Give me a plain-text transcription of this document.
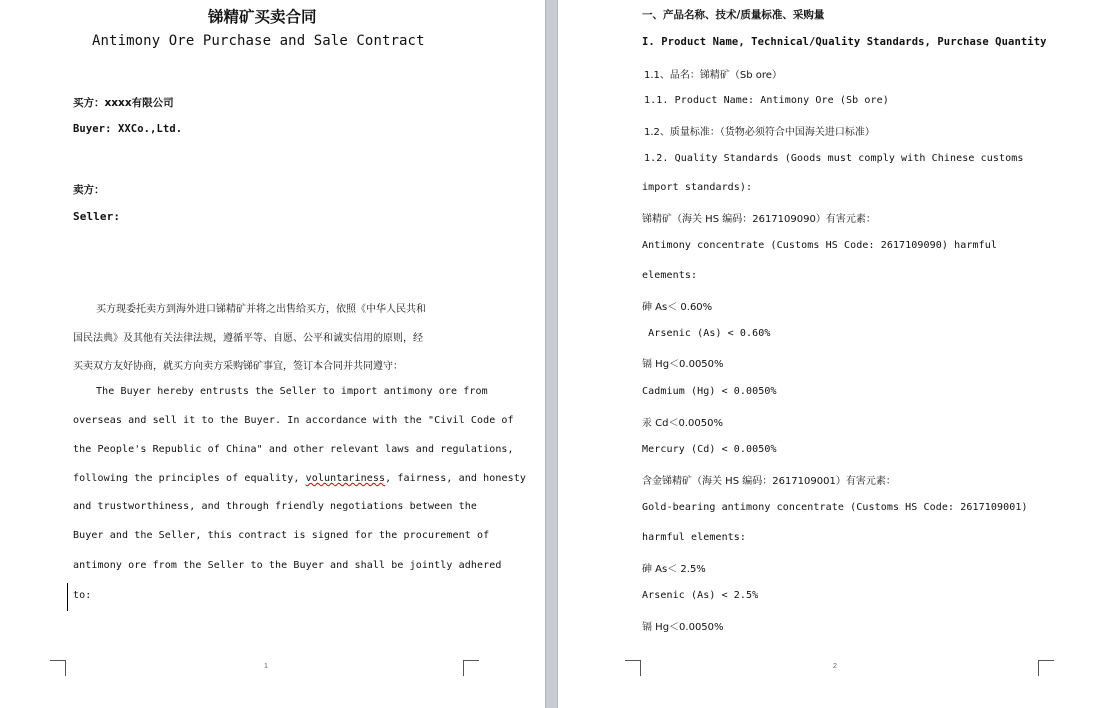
锑精矿买卖合同
Antimony Ore Purchase and Sale Contract
买方：xxxx有限公司
Buyer: XXCo.,Ltd.
卖方：
Seller:
买方现委托卖方到海外进口锑精矿并将之出售给买方，依照《中华人民共和
国民法典》及其他有关法律法规，遵循平等、自愿、公平和诚实信用的原则，经
买卖双方友好协商，就买方向卖方采购锑矿事宜，签订本合同并共同遵守：
The Buyer hereby entrusts the Seller to import antimony ore from
overseas and sell it to the Buyer. In accordance with the "Civil Code of
the People's Republic of China" and other relevant laws and regulations,
following the principles of equality, voluntariness, fairness, and honesty
and trustworthiness, and through friendly negotiations between the
Buyer and the Seller, this contract is signed for the procurement of
antimony ore from the Seller to the Buyer and shall be jointly adhered
to:
1
一、产品名称、技术/质量标准、采购量
I. Product Name, Technical/Quality Standards, Purchase Quantity
1.1、品名：锑精矿（Sb ore）
1.1. Product Name: Antimony Ore (Sb ore)
1.2、质量标准：（货物必须符合中国海关进口标准）
1.2. Quality Standards (Goods must comply with Chinese customs
import standards):
锑精矿（海关 HS 编码：2617109090）有害元素：
Antimony concentrate (Customs HS Code: 2617109090) harmful
elements:
砷 As＜ 0.60%
Arsenic (As) < 0.60%
镉 Hg＜0.0050%
Cadmium (Hg) < 0.0050%
汞 Cd＜0.0050%
Mercury (Cd) < 0.0050%
含金锑精矿（海关 HS 编码：2617109001）有害元素：
Gold-bearing antimony concentrate (Customs HS Code: 2617109001)
harmful elements:
砷 As＜ 2.5%
Arsenic (As) < 2.5%
镉 Hg＜0.0050%
2
